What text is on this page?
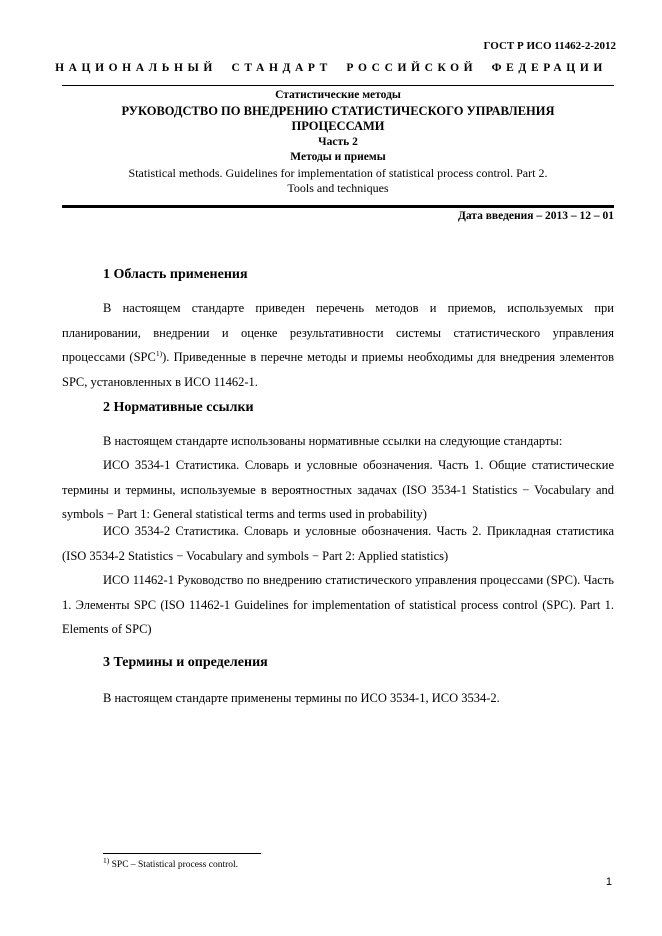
ГОСТ Р ИСО 11462-2-2012
НАЦИОНАЛЬНЫЙ СТАНДАРТ РОССИЙСКОЙ ФЕДЕРАЦИИ
Статистические методы
РУКОВОДСТВО ПО ВНЕДРЕНИЮ СТАТИСТИЧЕСКОГО УПРАВЛЕНИЯ
ПРОЦЕССАМИ
Часть 2
Методы и приемы
Statistical methods. Guidelines for implementation of statistical process control. Part 2.
Tools and techniques
Дата введения – 2013 – 12 – 01
1 Область применения

В настоящем стандарте приведен перечень методов и приемов, используемых при планировании, внедрении и оценке результативности системы статистического управления процессами (SPC$^{1)}$). Приведенные в перечне методы и приемы необходимы для внедрения элементов SPC, установленных в ИСО 11462-1.

2 Нормативные ссылки

В настоящем стандарте использованы нормативные ссылки на следующие стандарты:

ИСО 3534-1 Статистика. Словарь и условные обозначения. Часть 1. Общие статистические термины и термины, используемые в вероятностных задачах (ISO 3534-1 Statistics − Vocabulary and symbols − Part 1: General statistical terms and terms used in probability)

ИСО 3534-2 Статистика. Словарь и условные обозначения. Часть 2. Прикладная статистика (ISO 3534-2 Statistics − Vocabulary and symbols − Part 2: Applied statistics)

ИСО 11462-1 Руководство по внедрению статистического управления процессами (SPC). Часть 1. Элементы SPC (ISO 11462-1 Guidelines for implementation of statistical process control (SPC). Part 1. Elements of SPC)

3 Термины и определения

В настоящем стандарте применены термины по ИСО 3534-1, ИСО 3534-2.

$^{1)}$ SPC – Statistical process control.
1
